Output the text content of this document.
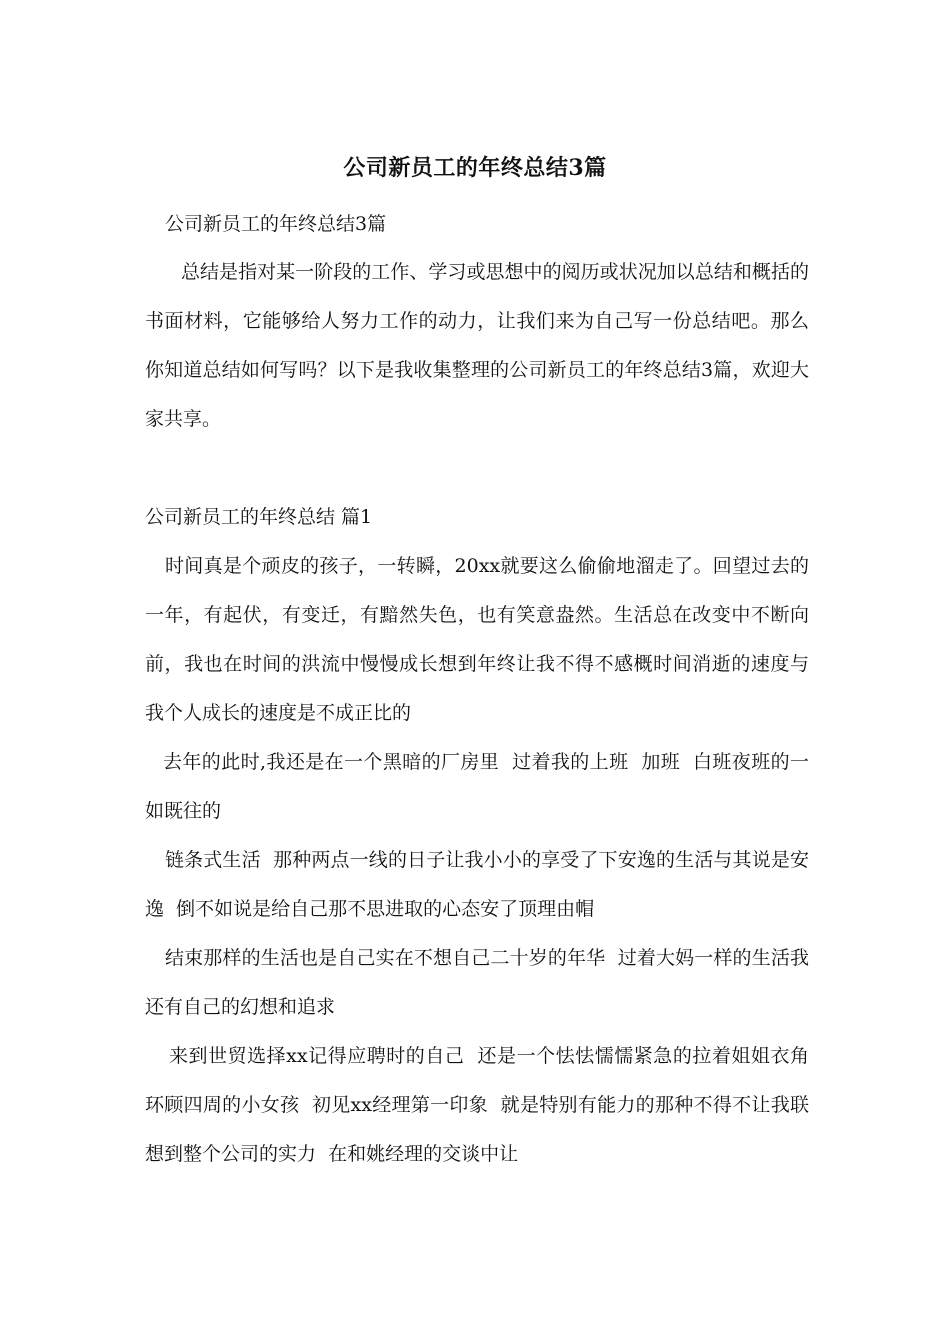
公司新员工的年终总结3篇

公司新员工的年终总结3篇

总结是指对某一阶段的工作、学习或思想中的阅历或状况加以总结和概括的书面材料，它能够给人努力工作的动力，让我们来为自己写一份总结吧。那么你知道总结如何写吗？以下是我收集整理的公司新员工的年终总结3篇，欢迎大家共享。

公司新员工的年终总结 篇1

时间真是个顽皮的孩子，一转瞬，20xx就要这么偷偷地溜走了。回望过去的一年，有起伏，有变迁，有黯然失色，也有笑意盎然。生活总在改变中不断向前，我也在时间的洪流中慢慢成长想到年终让我不得不感概时间消逝的速度与我个人成长的速度是不成正比的

去年的此时,我还是在一个黑暗的厂房里  过着我的上班  加班  白班夜班的一如既往的

链条式生活  那种两点一线的日子让我小小的享受了下安逸的生活与其说是安逸  倒不如说是给自己那不思进取的心态安了顶理由帽

结束那样的生活也是自己实在不想自己二十岁的年华  过着大妈一样的生活我还有自己的幻想和追求

来到世贸选择xx记得应聘时的自己  还是一个怯怯懦懦紧急的拉着姐姐衣角环顾四周的小女孩  初见xx经理第一印象  就是特别有能力的那种不得不让我联想到整个公司的实力  在和姚经理的交谈中让
